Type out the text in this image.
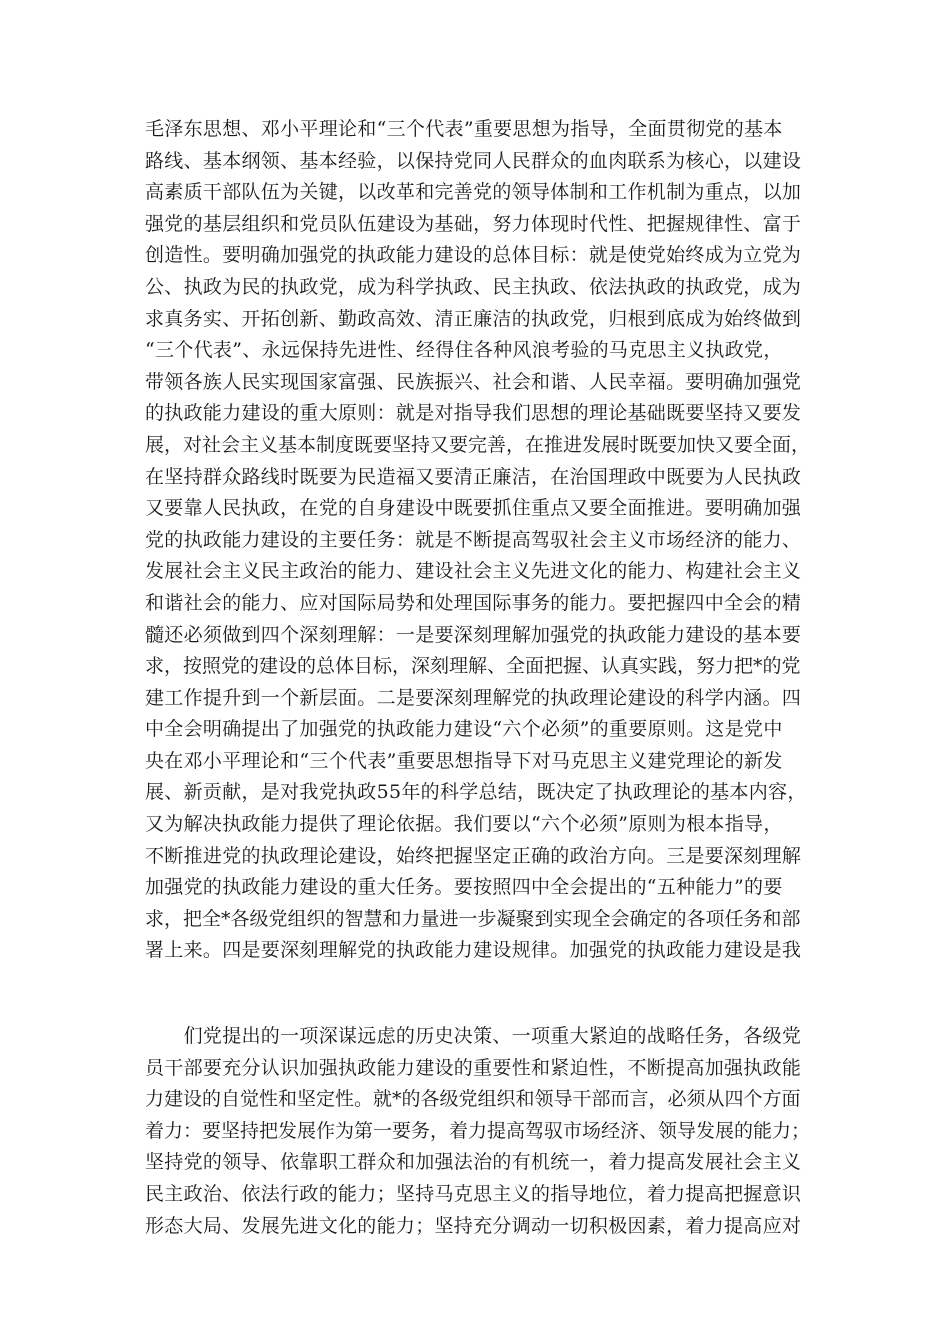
毛泽东思想、邓小平理论和“三个代表”重要思想为指导，全面贯彻党的基本
路线、基本纲领、基本经验，以保持党同人民群众的血肉联系为核心，以建设
高素质干部队伍为关键，以改革和完善党的领导体制和工作机制为重点，以加
强党的基层组织和党员队伍建设为基础，努力体现时代性、把握规律性、富于
创造性。要明确加强党的执政能力建设的总体目标：就是使党始终成为立党为
公、执政为民的执政党，成为科学执政、民主执政、依法执政的执政党，成为
求真务实、开拓创新、勤政高效、清正廉洁的执政党，归根到底成为始终做到
“三个代表”、永远保持先进性、经得住各种风浪考验的马克思主义执政党，
带领各族人民实现国家富强、民族振兴、社会和谐、人民幸福。要明确加强党
的执政能力建设的重大原则：就是对指导我们思想的理论基础既要坚持又要发
展，对社会主义基本制度既要坚持又要完善，在推进发展时既要加快又要全面，
在坚持群众路线时既要为民造福又要清正廉洁，在治国理政中既要为人民执政
又要靠人民执政，在党的自身建设中既要抓住重点又要全面推进。要明确加强
党的执政能力建设的主要任务：就是不断提高驾驭社会主义市场经济的能力、
发展社会主义民主政治的能力、建设社会主义先进文化的能力、构建社会主义
和谐社会的能力、应对国际局势和处理国际事务的能力。要把握四中全会的精
髓还必须做到四个深刻理解：一是要深刻理解加强党的执政能力建设的基本要
求，按照党的建设的总体目标，深刻理解、全面把握、认真实践，努力把*的党
建工作提升到一个新层面。二是要深刻理解党的执政理论建设的科学内涵。四
中全会明确提出了加强党的执政能力建设“六个必须”的重要原则。这是党中
央在邓小平理论和“三个代表”重要思想指导下对马克思主义建党理论的新发
展、新贡献，是对我党执政55年的科学总结，既决定了执政理论的基本内容，
又为解决执政能力提供了理论依据。我们要以“六个必须”原则为根本指导，
不断推进党的执政理论建设，始终把握坚定正确的政治方向。三是要深刻理解
加强党的执政能力建设的重大任务。要按照四中全会提出的“五种能力”的要
求，把全*各级党组织的智慧和力量进一步凝聚到实现全会确定的各项任务和部
署上来。四是要深刻理解党的执政能力建设规律。加强党的执政能力建设是我
　　们党提出的一项深谋远虑的历史决策、一项重大紧迫的战略任务，各级党
员干部要充分认识加强执政能力建设的重要性和紧迫性，不断提高加强执政能
力建设的自觉性和坚定性。就*的各级党组织和领导干部而言，必须从四个方面
着力：要坚持把发展作为第一要务，着力提高驾驭市场经济、领导发展的能力；
坚持党的领导、依靠职工群众和加强法治的有机统一，着力提高发展社会主义
民主政治、依法行政的能力；坚持马克思主义的指导地位，着力提高把握意识
形态大局、发展先进文化的能力；坚持充分调动一切积极因素，着力提高应对
